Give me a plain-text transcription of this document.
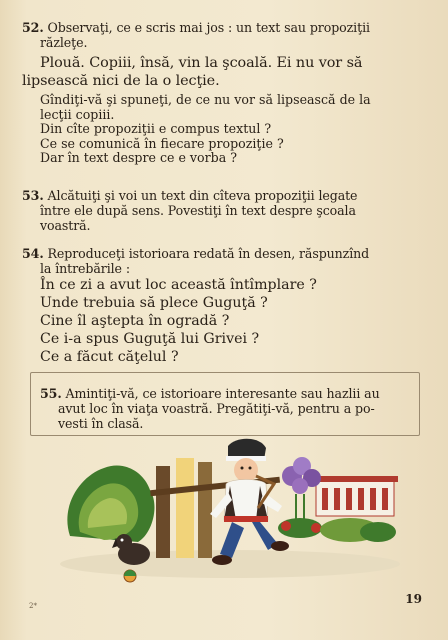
52. Observaţi, ce e scris mai jos : un text sau propoziţii

răzleţe.

Plouă. Copiii, însă, vin la şcoală. Ei nu vor să

lipsească nici de la o lecţie.

Gîndiţi-vă şi spuneţi, de ce nu vor să lipsească de la

lecţii copiii.

Din cîte propoziţii e compus textul ?

Ce se comunică în fiecare propoziţie ?

Dar în text despre ce e vorba ?

53. Alcătuiţi şi voi un text din cîteva propoziţii legate

între ele după sens. Povestiţi în text despre şcoala

voastră.

54. Reproduceţi istorioara redată în desen, răspunzînd

la întrebările :

În ce zi a avut loc această întîmplare ?

Unde trebuia să plece Guguţă ?

Cine îl aştepta în ogradă ?

Ce i-a spus Guguţă lui Grivei ?

Ce a făcut căţelul ?

55. Amintiţi-vă, ce istorioare interesante sau hazlii au

avut loc în viaţa voastră. Pregătiţi-vă, pentru a po-

vesti în clasă.

2*	19
